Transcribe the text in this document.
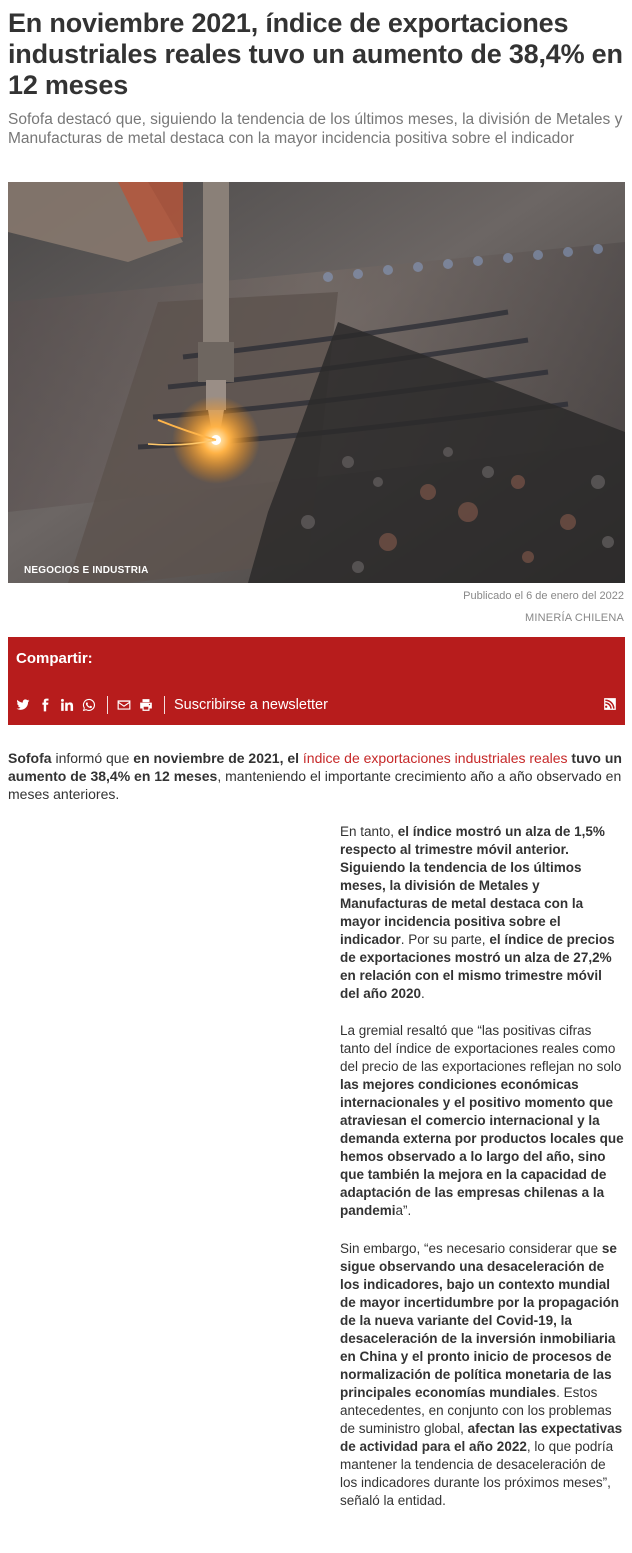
En noviembre 2021, índice de exportaciones industriales reales tuvo un aumento de 38,4% en 12 meses

Sofofa destacó que, siguiendo la tendencia de los últimos meses, la división de Metales y Manufacturas de metal destaca con la mayor incidencia positiva sobre el indicador

NEGOCIOS E INDUSTRIA
Publicado el 6 de enero del 2022
MINERÍA CHILENA
Compartir:
Suscribirse a newsletter

Sofofa informó que en noviembre de 2021, el índice de exportaciones industriales reales tuvo un aumento de 38,4% en 12 meses, manteniendo el importante crecimiento año a año observado en meses anteriores.

En tanto, el índice mostró un alza de 1,5% respecto al trimestre móvil anterior. Siguiendo la tendencia de los últimos meses, la división de Metales y Manufacturas de metal destaca con la mayor incidencia positiva sobre el indicador. Por su parte, el índice de precios de exportaciones mostró un alza de 27,2% en relación con el mismo trimestre móvil del año 2020.

La gremial resaltó que “las positivas cifras tanto del índice de exportaciones reales como del precio de las exportaciones reflejan no solo las mejores condiciones económicas internacionales y el positivo momento que atraviesan el comercio internacional y la demanda externa por productos locales que hemos observado a lo largo del año, sino que también la mejora en la capacidad de adaptación de las empresas chilenas a la pandemia”.

Sin embargo, “es necesario considerar que se sigue observando una desaceleración de los indicadores, bajo un contexto mundial de mayor incertidumbre por la propagación de la nueva variante del Covid-19, la desaceleración de la inversión inmobiliaria en China y el pronto inicio de procesos de normalización de política monetaria de las principales economías mundiales. Estos antecedentes, en conjunto con los problemas de suministro global, afectan las expectativas de actividad para el año 2022, lo que podría mantener la tendencia de desaceleración de los indicadores durante los próximos meses”, señaló la entidad.
